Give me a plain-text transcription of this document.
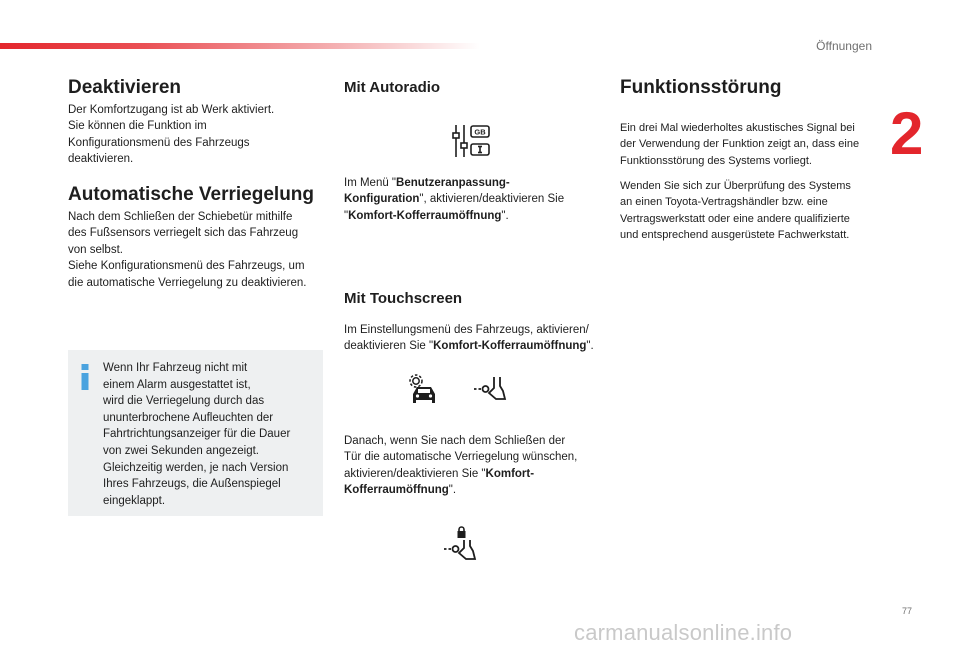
Öffnungen
2
Deaktivieren

Der Komfortzugang ist ab Werk aktiviert.
Sie können die Funktion im
Konfigurationsmenü des Fahrzeugs
deaktivieren.

Automatische Verriegelung

Nach dem Schließen der Schiebetür mithilfe
des Fußsensors verriegelt sich das Fahrzeug
von selbst.
Siehe Konfigurationsmenü des Fahrzeugs, um
die automatische Verriegelung zu deaktivieren.

Wenn Ihr Fahrzeug nicht mit
einem Alarm ausgestattet ist,
wird die Verriegelung durch das
ununterbrochene Aufleuchten der
Fahrtrichtungsanzeiger für die Dauer
von zwei Sekunden angezeigt.
Gleichzeitig werden, je nach Version
Ihres Fahrzeugs, die Außenspiegel
eingeklappt.

Mit Autoradio
GB

Im Menü "Benutzeranpassung-
Konfiguration", aktivieren/deaktivieren Sie
"Komfort-Kofferraumöffnung".

Mit Touchscreen

Im Einstellungsmenü des Fahrzeugs, aktivieren/
deaktivieren Sie "Komfort-Kofferraumöffnung".

Danach, wenn Sie nach dem Schließen der
Tür die automatische Verriegelung wünschen,
aktivieren/deaktivieren Sie "Komfort-
Kofferraumöffnung".

Funktionsstörung

Ein drei Mal wiederholtes akustisches Signal bei
der Verwendung der Funktion zeigt an, dass eine
Funktionsstörung des Systems vorliegt.

Wenden Sie sich zur Überprüfung des Systems
an einen Toyota-Vertragshändler bzw. eine
Vertragswerkstatt oder eine andere qualifizierte
und entsprechend ausgerüstete Fachwerkstatt.

77
carmanualsonline.info
